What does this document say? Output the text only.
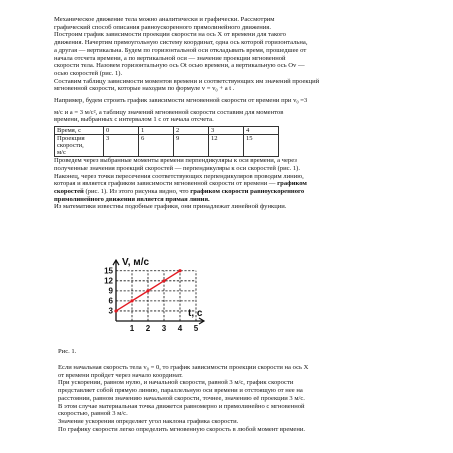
Механическое движение тела можно аналитически и графически. Рассмотрим

графический способ описания равноускоренного прямолинейного движения.

Построим график зависимости проекции скорости на ось X от времени для такого

движения. Начертим прямоугольную систему координат, одна ось которой горизонтальна,

а другая — вертикальна. Будем по горизонтальной оси откладывать время, прошедшее от

начала отсчета времени, а по вертикальной оси — значение проекции мгновенной

скорости тела. Назовем горизонтальную ось Ot осью времени, а вертикальную ось Ov —

осью скоростей (рис. 1).

Составим таблицу зависимости моментов времени и соответствующих им значений проекций

мгновенной скорости, которые находим по формуле v = v₀ + a t .

Например, будем строить график зависимости мгновенной скорости от времени при v₀ =3

м/с и a = 3 м/с², а таблицу значений мгновенной скорости составим для моментов

времени, выбранных с интервалом 1 с от начала отсчета.

Время, с	0	1	2	3	4
Проекция
скорости,
м/с	3	6	9	12	15

Проведем через выбранные моменты времени перпендикуляры к оси времени, а через

полученные значения проекций скоростей — перпендикуляры к оси скоростей (рис. 1).

Наконец, через точки пересечения соответствующих перпендикуляров проводим линию,

которая и является графиком зависимости мгновенной скорости от времени — графиком

скоростей (рис. 1). Из этого рисунка видно, что графиком скорости равноускоренного

прямолинейного движения является прямая линия.

Из математики известны подобные графики, они принадлежат линейной функции.

3
6
9
12
15
1 2 3 4 5
V, м/с
t, с
Рис. 1.

Если начальная скорость тела v₀ = 0, то график зависимости проекции скорости на ось X

от времени пройдет через начало координат.

При ускорении, равном нулю, и начальной скорости, равной 3 м/с, график скорости

представляет собой прямую линию, параллельную оси времени и отстоящую от нее на

расстоянии, равном значению начальной скорости, точнее, значению её проекции 3 м/с.

В этом случае материальная точка движется равномерно и прямолинейно с мгновенной

скоростью, равной 3 м/с.

Значение ускорения определяет угол наклона графика скорости.

По графику скорости легко определить мгновенную скорость в любой момент времени.
